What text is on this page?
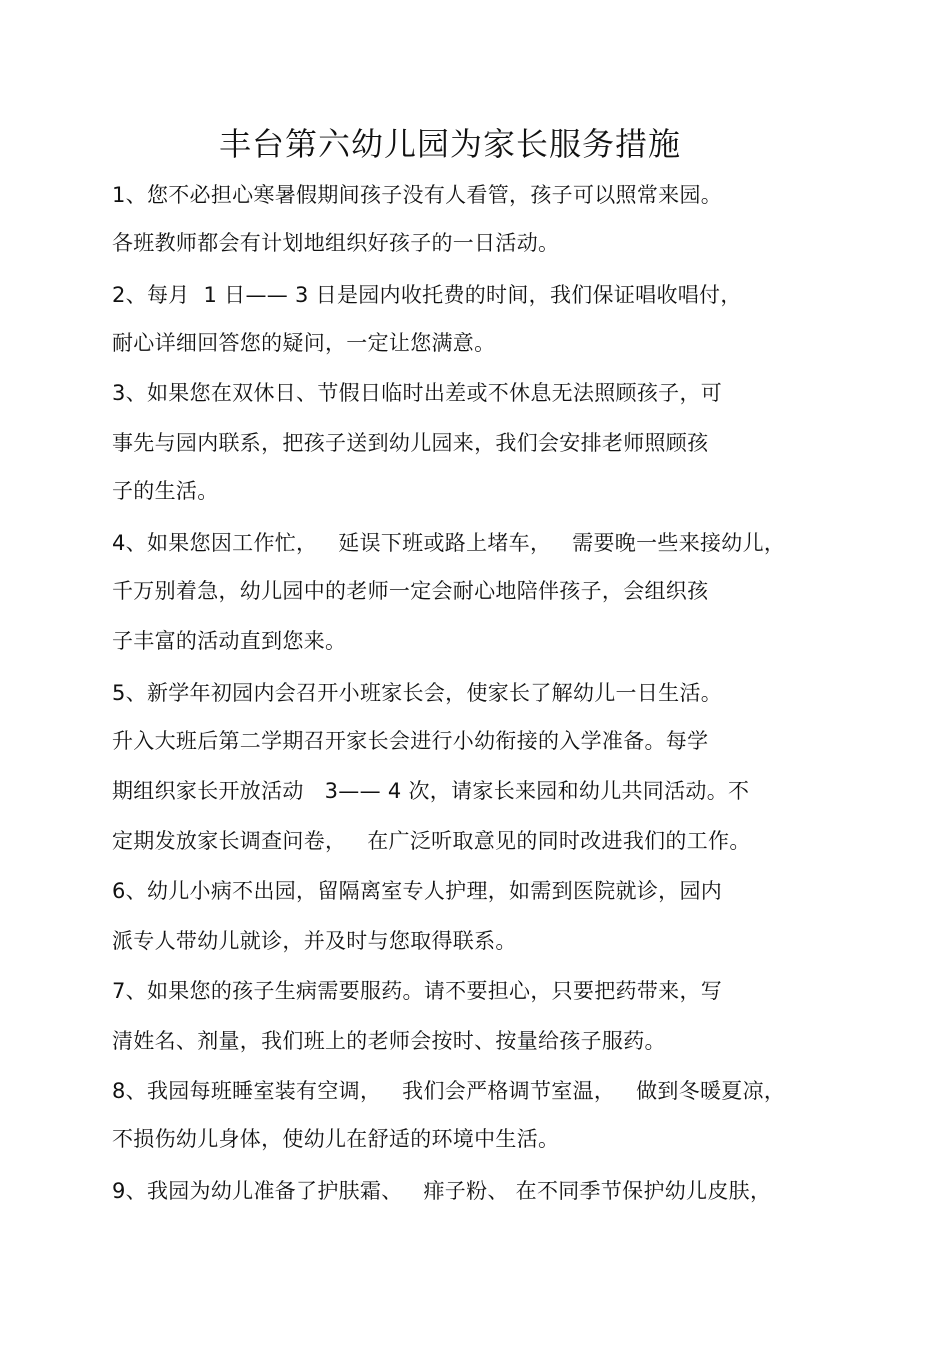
丰台第六幼儿园为家长服务措施
1、您不必担心寒暑假期间孩子没有人看管，孩子可以照常来园。
各班教师都会有计划地组织好孩子的一日活动。
2、每月  1 日—— 3 日是园内收托费的时间，我们保证唱收唱付，
耐心详细回答您的疑问，一定让您满意。
3、如果您在双休日、节假日临时出差或不休息无法照顾孩子，可
事先与园内联系，把孩子送到幼儿园来，我们会安排老师照顾孩
子的生活。
4、如果您因工作忙，   延误下班或路上堵车，   需要晚一些来接幼儿，
千万别着急，幼儿园中的老师一定会耐心地陪伴孩子，会组织孩
子丰富的活动直到您来。
5、新学年初园内会召开小班家长会，使家长了解幼儿一日生活。
升入大班后第二学期召开家长会进行小幼衔接的入学准备。每学
期组织家长开放活动   3—— 4 次，请家长来园和幼儿共同活动。不
定期发放家长调查问卷，   在广泛听取意见的同时改进我们的工作。
6、幼儿小病不出园，留隔离室专人护理，如需到医院就诊，园内
派专人带幼儿就诊，并及时与您取得联系。
7、如果您的孩子生病需要服药。请不要担心，只要把药带来，写
清姓名、剂量，我们班上的老师会按时、按量给孩子服药。
8、我园每班睡室装有空调，   我们会严格调节室温，   做到冬暖夏凉，
不损伤幼儿身体，使幼儿在舒适的环境中生活。
9、我园为幼儿准备了护肤霜、   痱子粉、 在不同季节保护幼儿皮肤，
